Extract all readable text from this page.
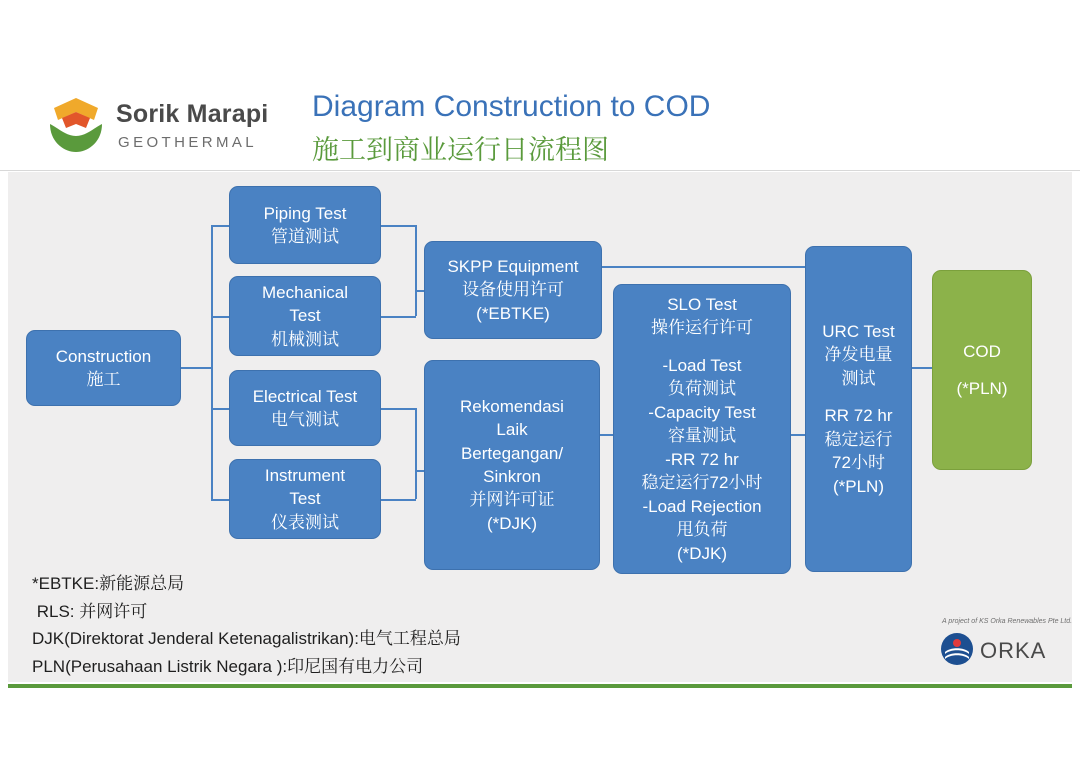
Sorik Marapi
GEOTHERMAL
Diagram Construction to COD
施工到商业运行日流程图
Construction
施工
Piping Test
管道测试
Mechanical
Test
机械测试
Electrical Test
电气测试
Instrument
Test
仪表测试
SKPP Equipment
设备使用许可
(*EBTKE)
Rekomendasi
Laik
Bertegangan/
Sinkron
并网许可证
(*DJK)
SLO Test
操作运行许可
-Load Test
负荷测试
-Capacity Test
容量测试
-RR 72 hr
稳定运行72小时
-Load Rejection
甩负荷
(*DJK)
URC Test
净发电量
测试
RR 72 hr
稳定运行
72小时
(*PLN)
COD
(*PLN)
*EBTKE:新能源总局
RLS: 并网许可
DJK(Direktorat Jenderal Ketenagalistrikan):电气工程总局
PLN(Perusahaan Listrik Negara ):印尼国有电力公司
A project of KS Orka Renewables Pte Ltd.
ORKA
